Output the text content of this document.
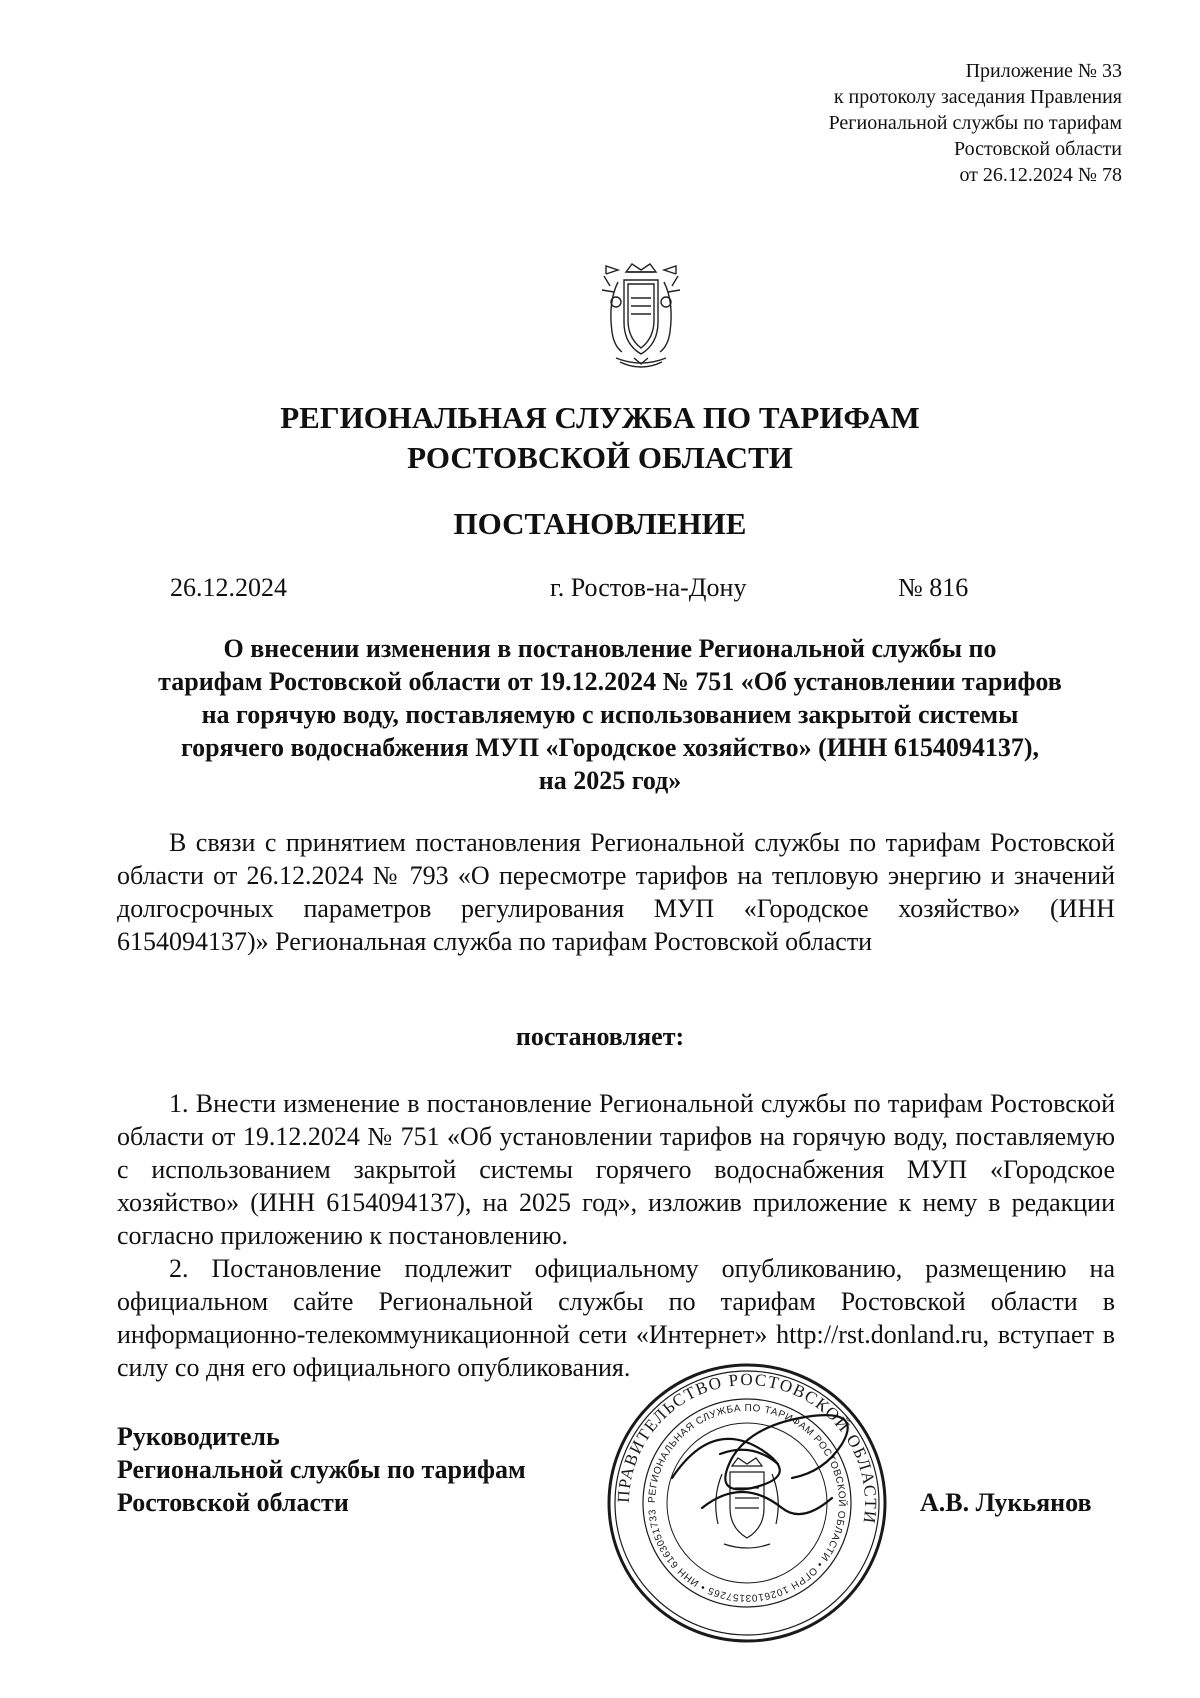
Приложение № 33
к протоколу заседания Правления
Региональной службы по тарифам
Ростовской области
от 26.12.2024 № 78
РЕГИОНАЛЬНАЯ СЛУЖБА ПО ТАРИФАМ
РОСТОВСКОЙ ОБЛАСТИ
ПОСТАНОВЛЕНИЕ
26.12.2024	г. Ростов-на-Дону	№ 816
О внесении изменения в постановление Региональной службы по
тарифам Ростовской области от 19.12.2024 № 751 «Об установлении тарифов
на горячую воду, поставляемую с использованием закрытой системы
горячего водоснабжения МУП «Городское хозяйство» (ИНН 6154094137),
на 2025 год»
В связи с принятием постановления Региональной службы по тарифам Ростовской области от 26.12.2024 № 793 «О пересмотре тарифов на тепловую энергию и значений долгосрочных параметров регулирования МУП «Городское хозяйство» (ИНН 6154094137)» Региональная служба по тарифам Ростовской области
постановляет:
1. Внести изменение в постановление Региональной службы по тарифам Ростовской области от 19.12.2024 № 751 «Об установлении тарифов на горячую воду, поставляемую с использованием закрытой системы горячего водоснабжения МУП «Городское хозяйство» (ИНН 6154094137), на 2025 год», изложив приложение к нему в редакции согласно приложению к постановлению.
2. Постановление подлежит официальному опубликованию, размещению на официальном сайте Региональной службы по тарифам Ростовской области в информационно-телекоммуникационной сети «Интернет» http://rst.donland.ru, вступает в силу со дня его официального опубликования.
Руководитель
Региональной службы по тарифам
Ростовской области	А.В. Лукьянов
ПРАВИТЕЛЬСТВО РОСТОВСКОЙ ОБЛАСТИ
РЕГИОНАЛЬНАЯ СЛУЖБА ПО ТАРИФАМ РОСТОВСКОЙ ОБЛАСТИ • ОГРН 1026103157265 • ИНН 6163051733
